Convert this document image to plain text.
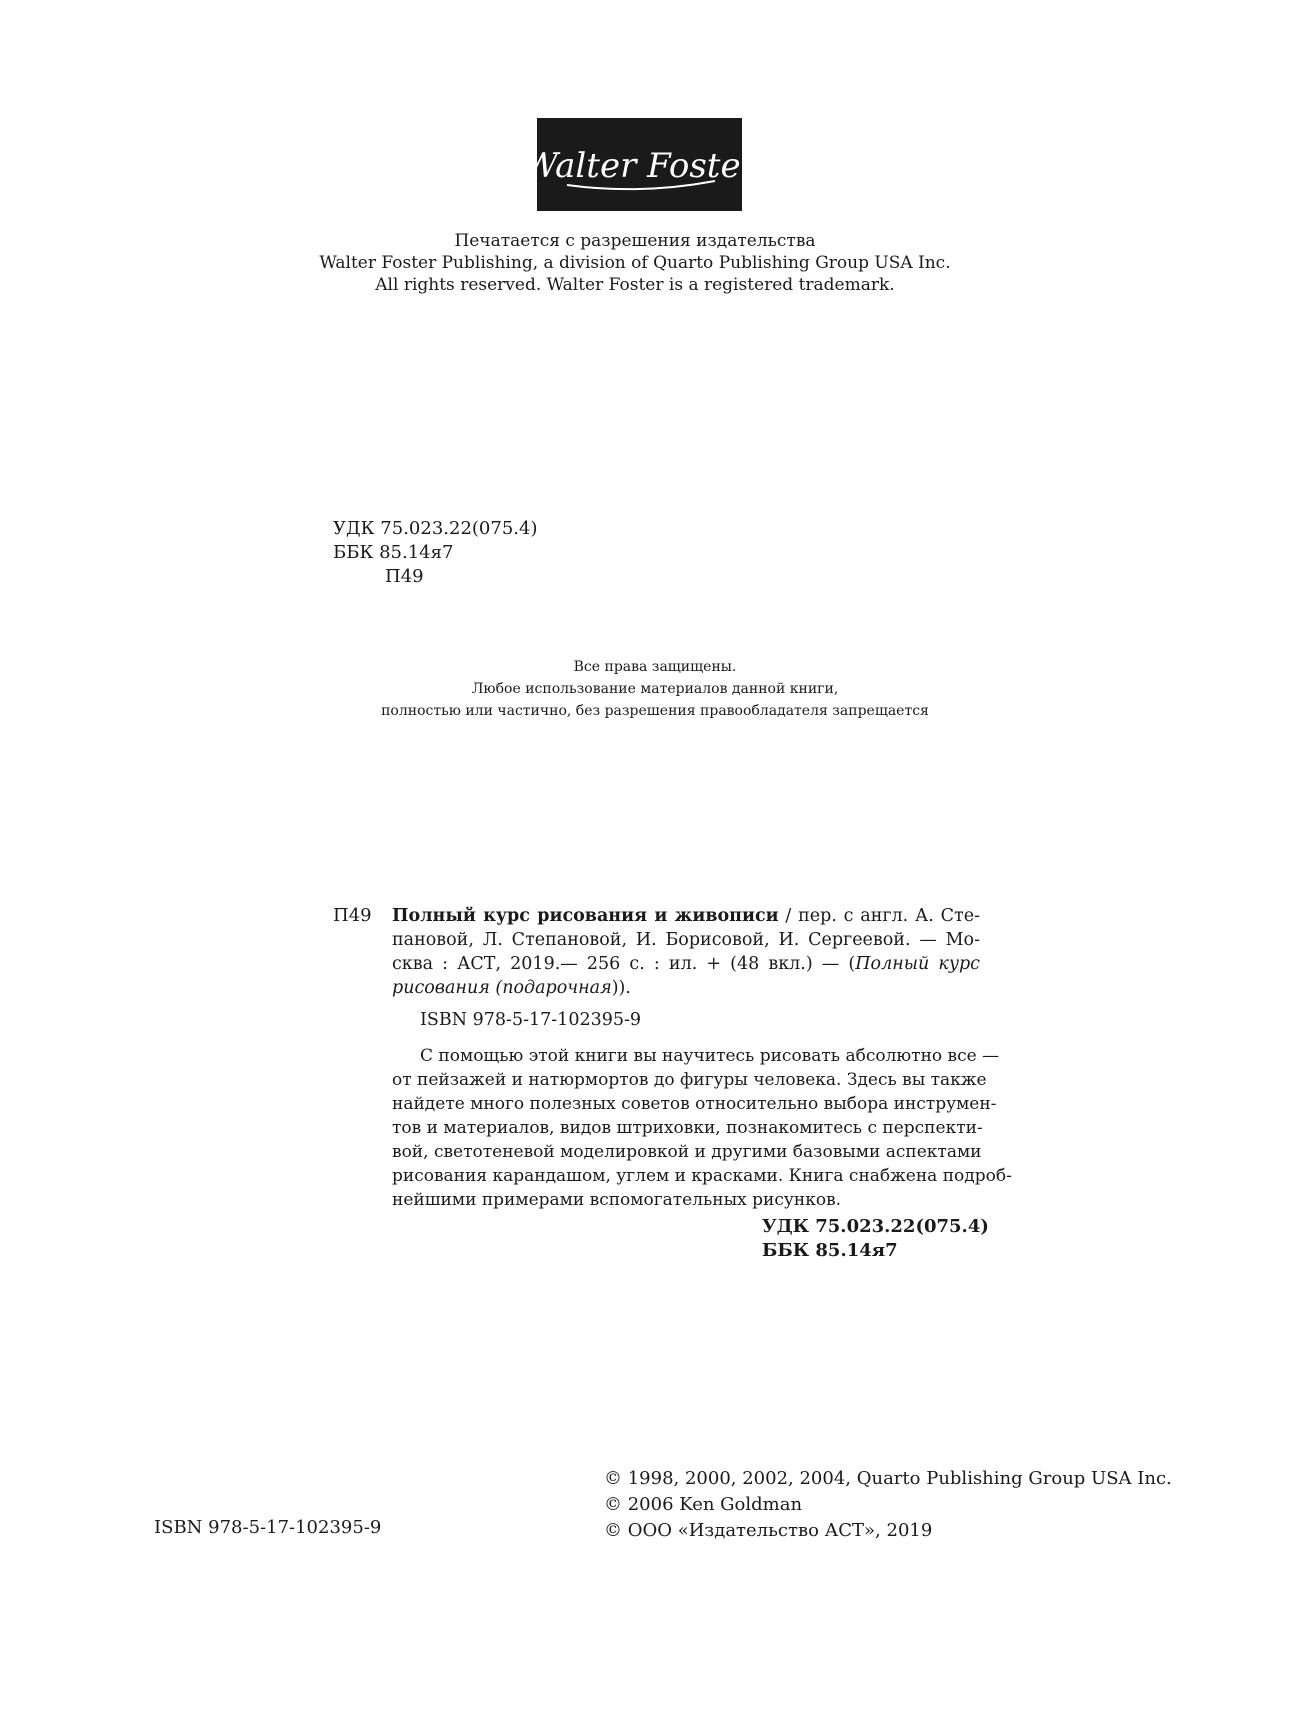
Walter Foster
Печатается с разрешения издательства
Walter Foster Publishing, a division of Quarto Publishing Group USA Inc.
All rights reserved. Walter Foster is a registered trademark.
УДК 75.023.22(075.4)
ББК 85.14я7
П49
Все права защищены.
Любое использование материалов данной книги,
полностью или частично, без разрешения правообладателя запрещается
П49 Полный курс рисования и живописи / пер. с англ. А. Сте-
пановой, Л. Степановой, И. Борисовой, И. Сергеевой. — Мо-
сква : АСТ, 2019.— 256 с. : ил. + (48 вкл.) — (Полный курс
рисования (подарочная)).
ISBN 978-5-17-102395-9
С помощью этой книги вы научитесь рисовать абсолютно все —
от пейзажей и натюрмортов до фигуры человека. Здесь вы также
найдете много полезных советов относительно выбора инструмен-
тов и материалов, видов штриховки, познакомитесь с перспекти-
вой, светотеневой моделировкой и другими базовыми аспектами
рисования карандашом, углем и красками. Книга снабжена подроб-
нейшими примерами вспомогательных рисунков.
УДК 75.023.22(075.4)
ББК 85.14я7
ISBN 978-5-17-102395-9
© 1998, 2000, 2002, 2004, Quarto Publishing Group USA Inc.
© 2006 Ken Goldman
© ООО «Издательство АСТ», 2019
